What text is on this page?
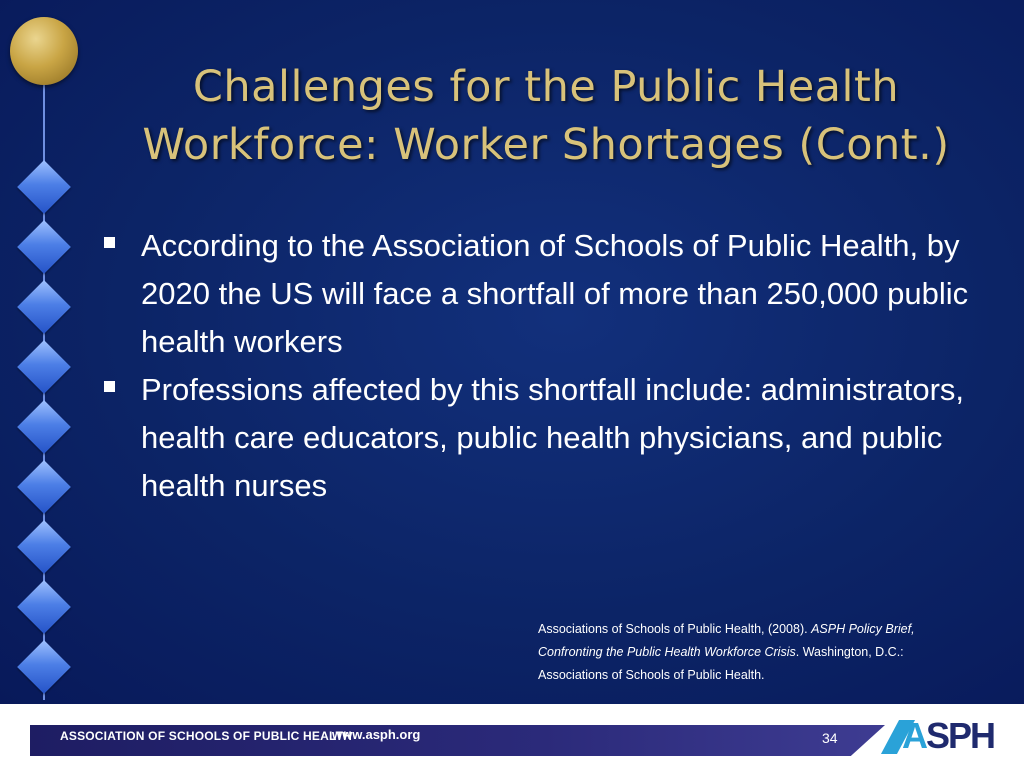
Challenges for the Public Health Workforce: Worker Shortages (Cont.)
According to the Association of Schools of Public Health, by 2020 the US will face a shortfall of more than 250,000 public health workers
Professions affected by this shortfall include: administrators, health care educators, public health physicians, and public health nurses
Associations of Schools of Public Health, (2008). ASPH Policy Brief, Confronting the Public Health Workforce Crisis. Washington, D.C.: Associations of Schools of Public Health.
ASSOCIATION OF SCHOOLS OF PUBLIC HEALTH
www.asph.org	34 ASPH
